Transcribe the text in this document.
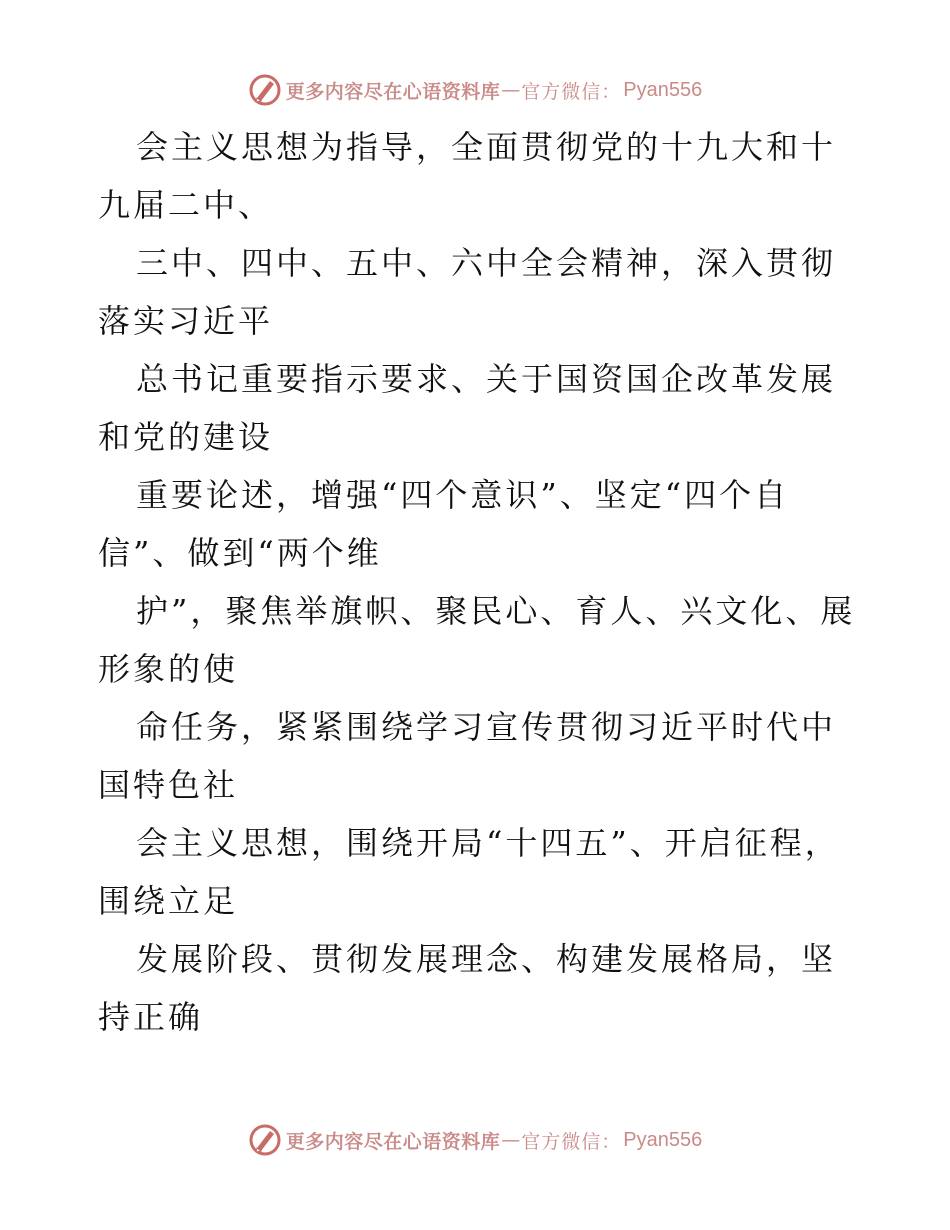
更多内容尽在心语资料库 — 官方微信： Pyan556

会主义思想为指导，全面贯彻党的十九大和十九届二中、

三中、四中、五中、六中全会精神，深入贯彻落实习近平

总书记重要指示要求、关于国资国企改革发展和党的建设

重要论述，增强“四个意识”、坚定“四个自信”、做到“两个维

护”，聚焦举旗帜、聚民心、育人、兴文化、展形象的使

命任务，紧紧围绕学习宣传贯彻习近平时代中国特色社

会主义思想，围绕开局“十四五”、开启征程，围绕立足

发展阶段、贯彻发展理念、构建发展格局，坚持正确

更多内容尽在心语资料库 — 官方微信： Pyan556
